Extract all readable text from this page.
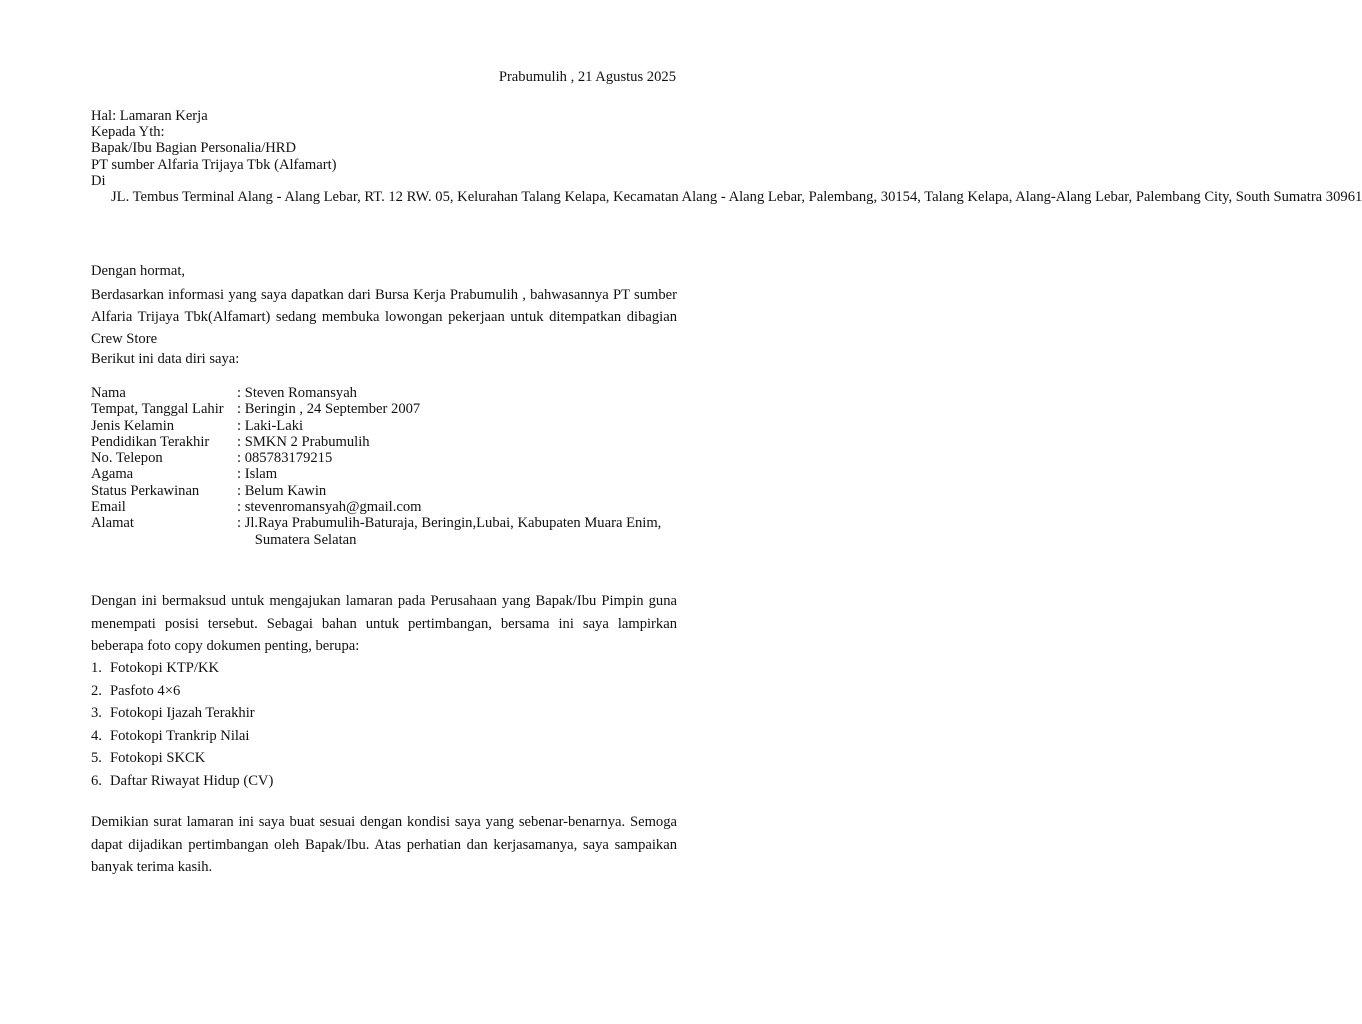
Prabumulih , 21 Agustus 2025
Hal: Lamaran Kerja
Kepada Yth:
Bapak/Ibu Bagian Personalia/HRD
PT sumber Alfaria Trijaya Tbk (Alfamart)
Di
JL. Tembus Terminal Alang - Alang Lebar, RT. 12 RW. 05, Kelurahan Talang Kelapa, Kecamatan Alang - Alang Lebar, Palembang, 30154, Talang Kelapa, Alang-Alang Lebar, Palembang City, South Sumatra 30961
Dengan hormat,
Berdasarkan informasi yang saya dapatkan dari Bursa Kerja Prabumulih , bahwasannya PT sumber Alfaria Trijaya Tbk(Alfamart) sedang membuka lowongan pekerjaan untuk ditempatkan dibagian Crew Store
Berikut ini data diri saya:
Nama	: Steven Romansyah
Tempat, Tanggal Lahir : Beringin , 24 September 2007
Jenis Kelamin	: Laki-Laki
Pendidikan Terakhir	: SMKN 2 Prabumulih
No. Telepon	: 085783179215
Agama	: Islam
Status Perkawinan	: Belum Kawin
Email	: stevenromansyah@gmail.com
Alamat	: Jl.Raya Prabumulih-Baturaja, Beringin,Lubai, Kabupaten Muara Enim, Sumatera Selatan
Dengan ini bermaksud untuk mengajukan lamaran pada Perusahaan yang Bapak/Ibu Pimpin guna menempati posisi tersebut. Sebagai bahan untuk pertimbangan, bersama ini saya lampirkan beberapa foto copy dokumen penting, berupa:
1. Fotokopi KTP/KK
2. Pasfoto 4×6
3. Fotokopi Ijazah Terakhir
4. Fotokopi Trankrip Nilai
5. Fotokopi SKCK
6. Daftar Riwayat Hidup (CV)
Demikian surat lamaran ini saya buat sesuai dengan kondisi saya yang sebenar-benarnya. Semoga dapat dijadikan pertimbangan oleh Bapak/Ibu. Atas perhatian dan kerjasamanya, saya sampaikan banyak terima kasih.
